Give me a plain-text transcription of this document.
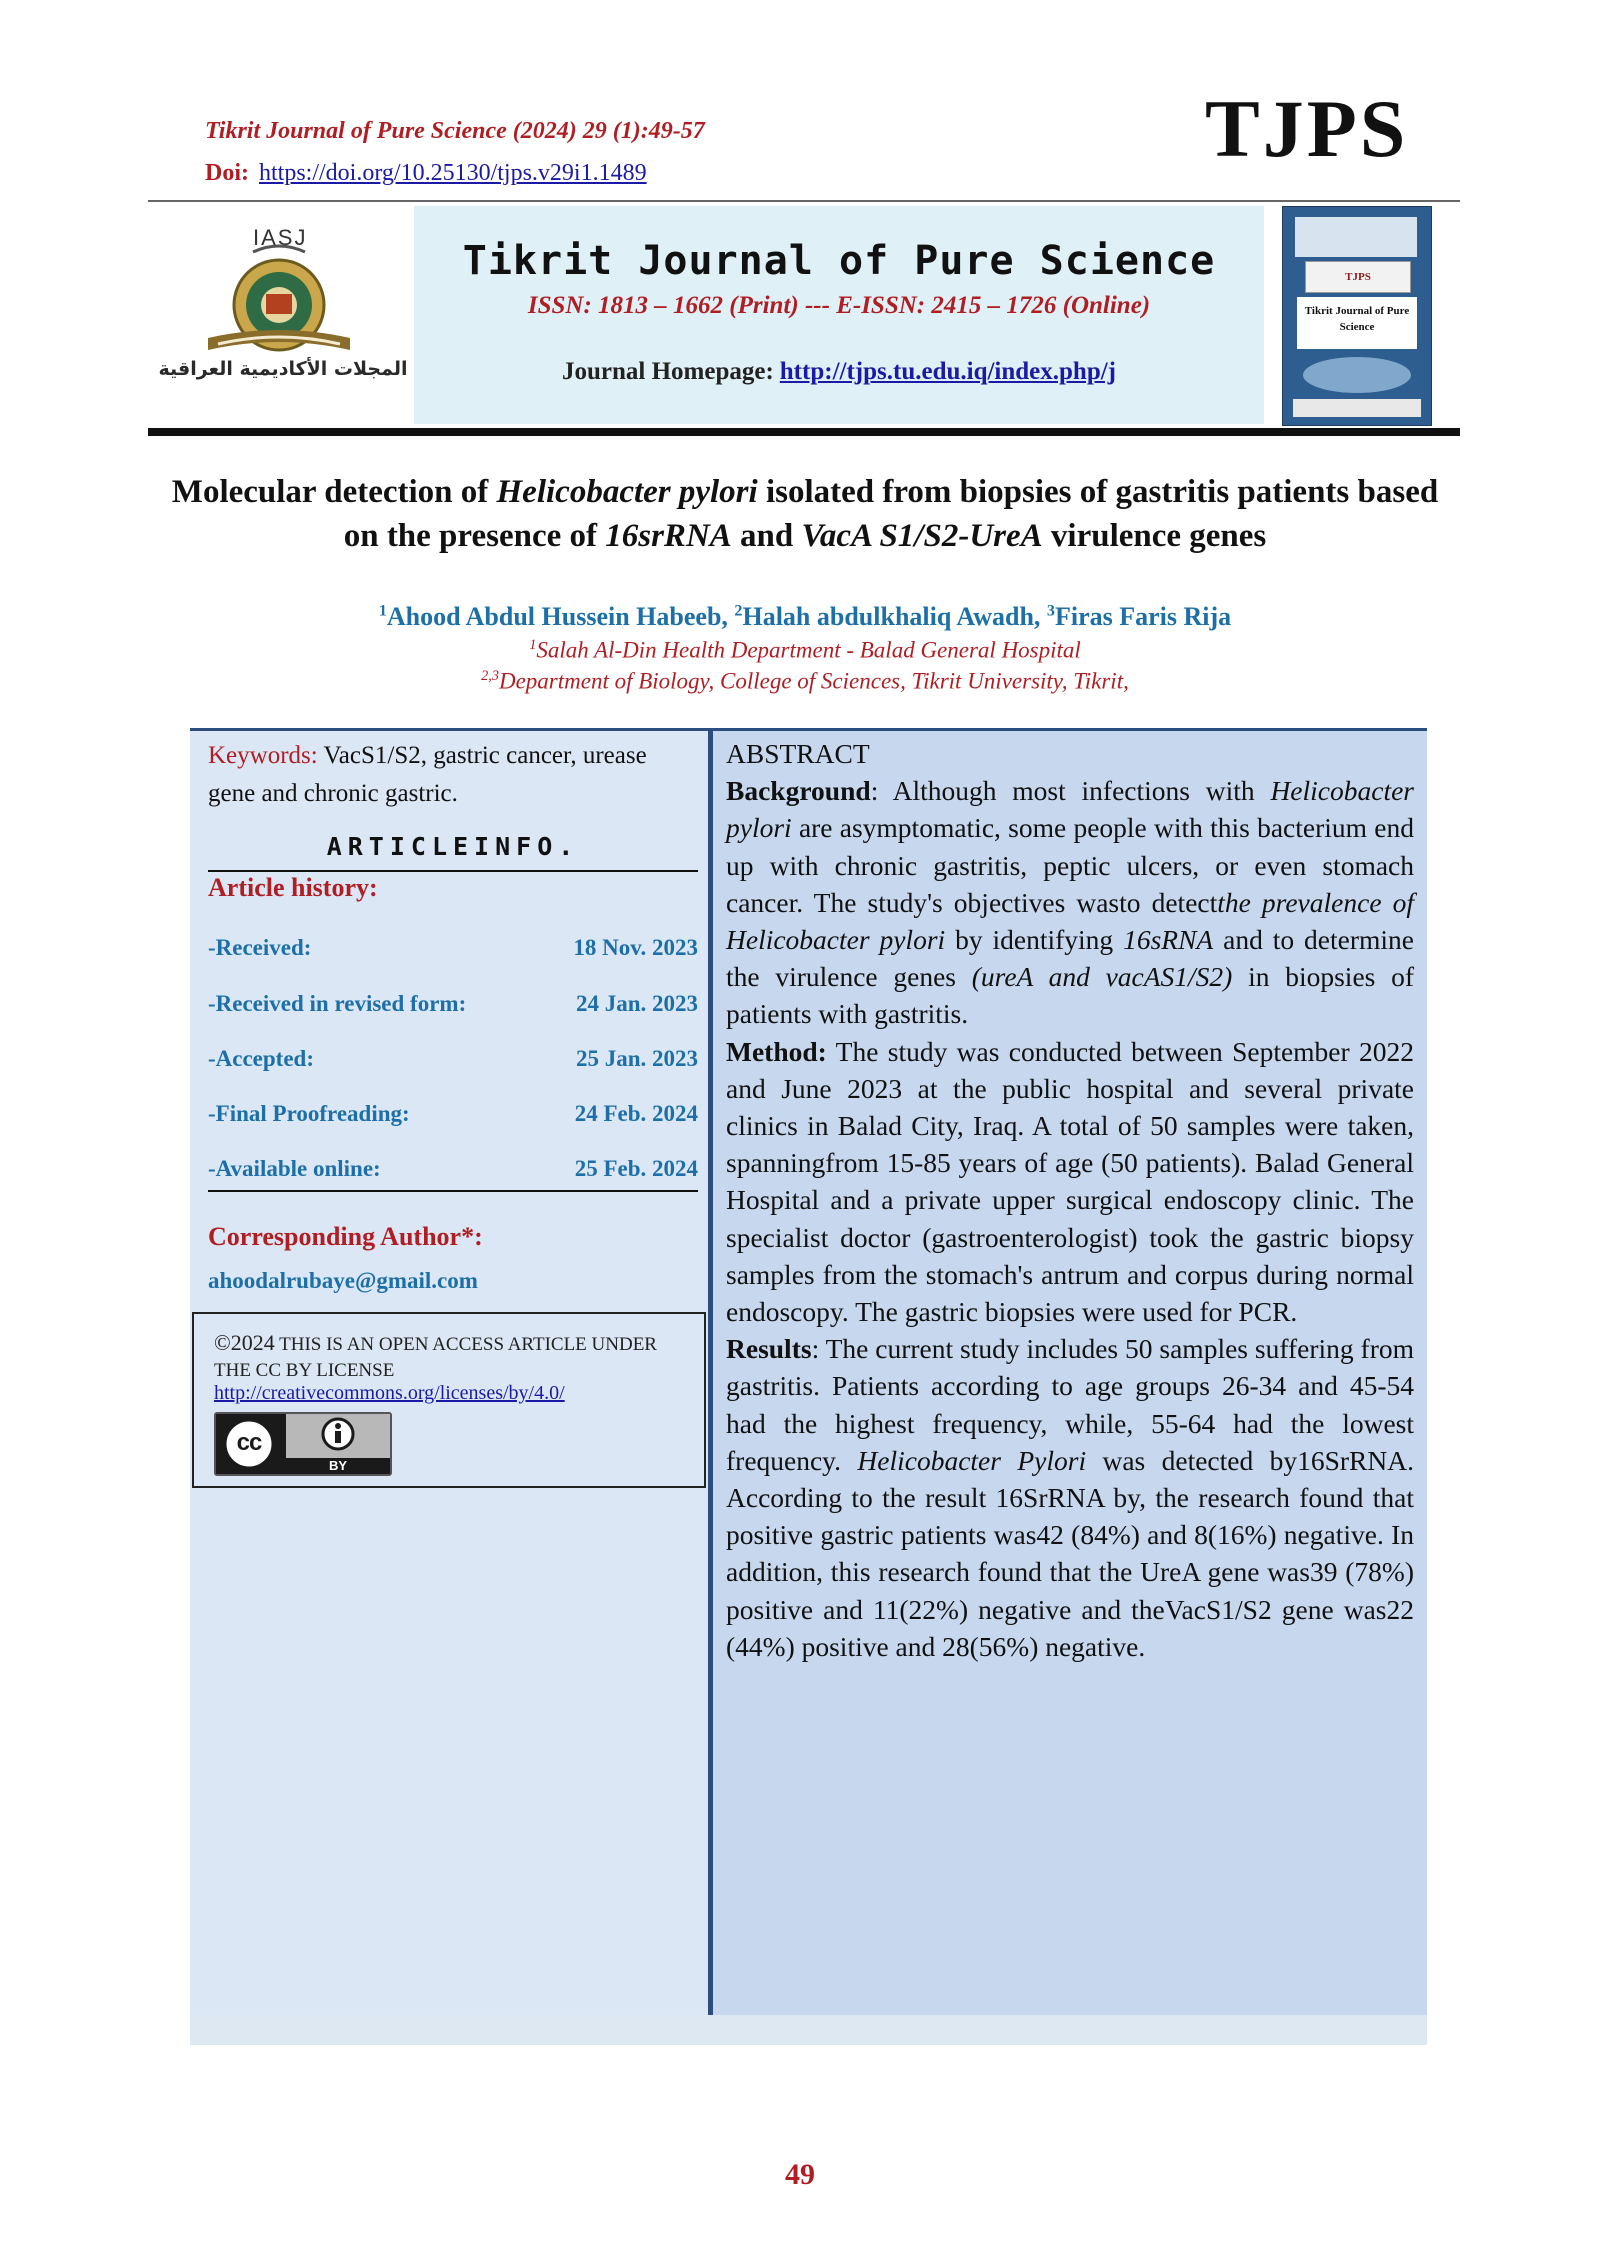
Tikrit Journal of Pure Science (2024) 29 (1):49-57
Doi: https://doi.org/10.25130/tjps.v29i1.1489	TJPS
IASJ
المجلات الأكاديمية العراقية
Tikrit Journal of Pure Science
ISSN: 1813 – 1662 (Print) --- E-ISSN: 2415 – 1726 (Online)
Journal Homepage: http://tjps.tu.edu.iq/index.php/j
TJPS
Tikrit Journal of Pure Science
Molecular detection of Helicobacter pylori isolated from biopsies of gastritis patients based on the presence of 16srRNA and VacA S1/S2-UreA virulence genes
$^1$Ahood Abdul Hussein Habeeb, $^2$Halah abdulkhaliq Awadh, $^3$Firas Faris Rija
$^1$Salah Al-Din Health Department - Balad General Hospital
$^{2,3}$Department of Biology, College of Sciences, Tikrit University, Tikrit,
Keywords: VacS1/S2, gastric cancer, urease gene and chronic gastric.
ARTICLEINFO.
Article history:
-Received:	18 Nov. 2023
-Received in revised form:	24 Jan. 2023
-Accepted:	25 Jan. 2023
-Final Proofreading:	24 Feb. 2024
-Available online:	25 Feb. 2024
Corresponding Author*:
ahoodalrubaye@gmail.com
©2024 THIS IS AN OPEN ACCESS ARTICLE UNDER THE CC BY LICENSE
http://creativecommons.org/licenses/by/4.0/
cc
BY

ABSTRACT

Background: Although most infections with Helicobacter pylori are asymptomatic, some people with this bacterium end up with chronic gastritis, peptic ulcers, or even stomach cancer. The study's objectives wasto detectthe prevalence of Helicobacter pylori by identifying 16sRNA and to determine the virulence genes (ureA and vacAS1/S2) in biopsies of patients with gastritis.

Method: The study was conducted between September 2022 and June 2023 at the public hospital and several private clinics in Balad City, Iraq. A total of 50 samples were taken, spanningfrom 15-85 years of age (50 patients). Balad General Hospital and a private upper surgical endoscopy clinic. The specialist doctor (gastroenterologist) took the gastric biopsy samples from the stomach's antrum and corpus during normal endoscopy. The gastric biopsies were used for PCR.

Results: The current study includes 50 samples suffering from gastritis. Patients according to age groups 26-34 and 45-54 had the highest frequency, while, 55-64 had the lowest frequency. Helicobacter Pylori was detected by16SrRNA. According to the result 16SrRNA by, the research found that positive gastric patients was42 (84%) and 8(16%) negative. In addition, this research found that the UreA gene was39 (78%) positive and 11(22%) negative and theVacS1/S2 gene was22 (44%) positive and 28(56%) negative.

49
